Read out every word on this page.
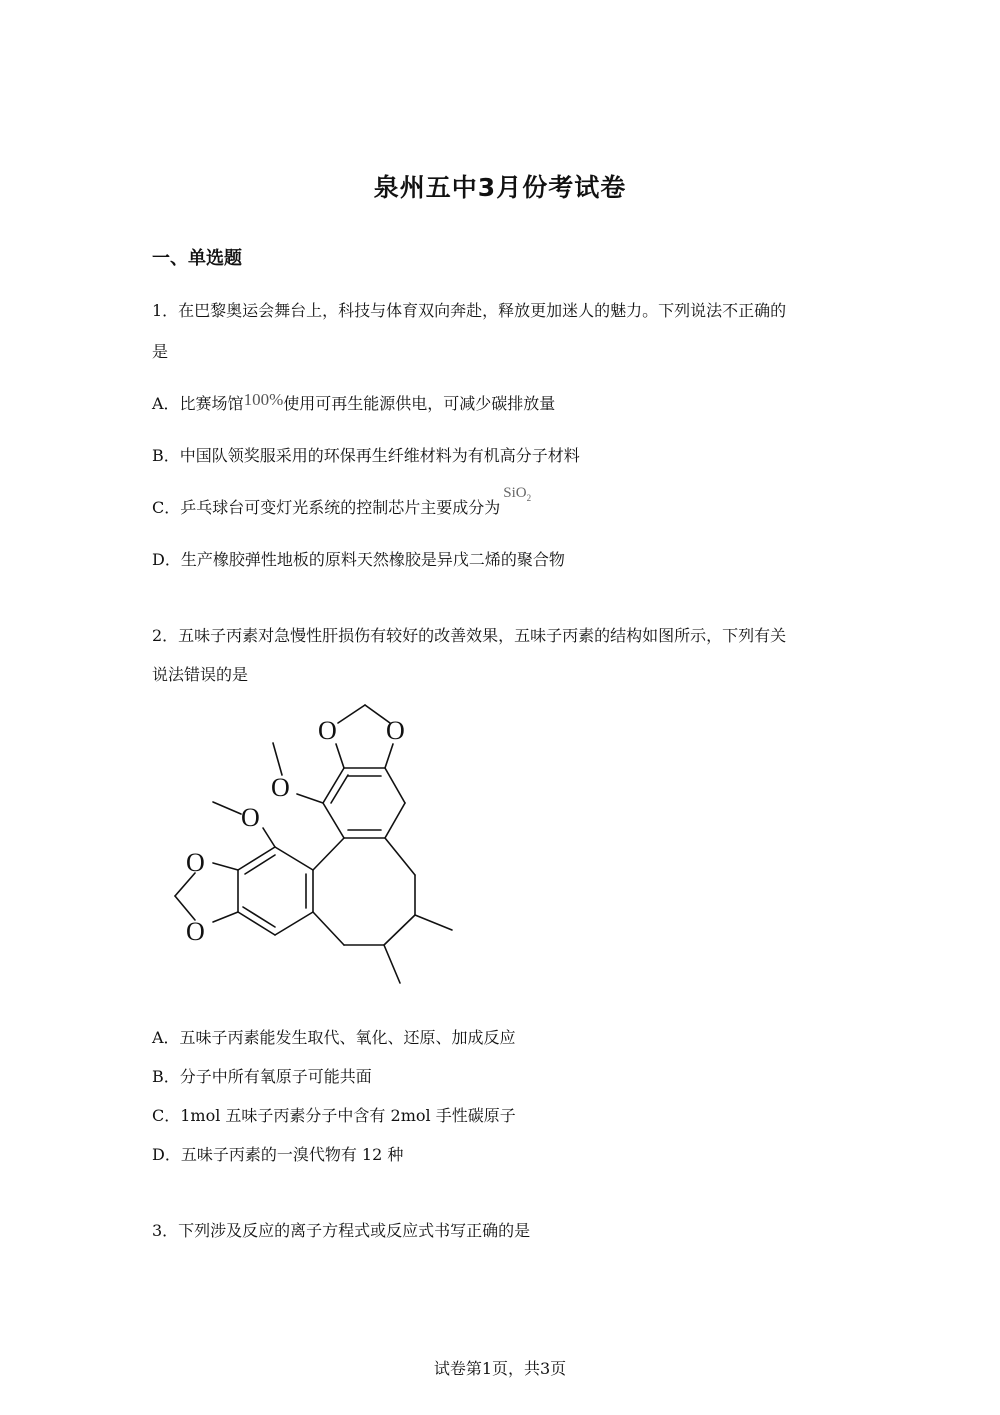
泉州五中3月份考试卷
一、单选题
1．在巴黎奥运会舞台上，科技与体育双向奔赴，释放更加迷人的魅力。下列说法不正确的
是
A．比赛场馆100%使用可再生能源供电，可减少碳排放量
B．中国队领奖服采用的环保再生纤维材料为有机高分子材料
C．乒乓球台可变灯光系统的控制芯片主要成分为SiO$_2$
D．生产橡胶弹性地板的原料天然橡胶是异戊二烯的聚合物
2．五味子丙素对急慢性肝损伤有较好的改善效果，五味子丙素的结构如图所示，下列有关
说法错误的是
O O
O
O
O
O
A．五味子丙素能发生取代、氧化、还原、加成反应
B．分子中所有氧原子可能共面
C．1mol 五味子丙素分子中含有 2mol 手性碳原子
D．五味子丙素的一溴代物有 12 种
3．下列涉及反应的离子方程式或反应式书写正确的是
试卷第1页，共3页
